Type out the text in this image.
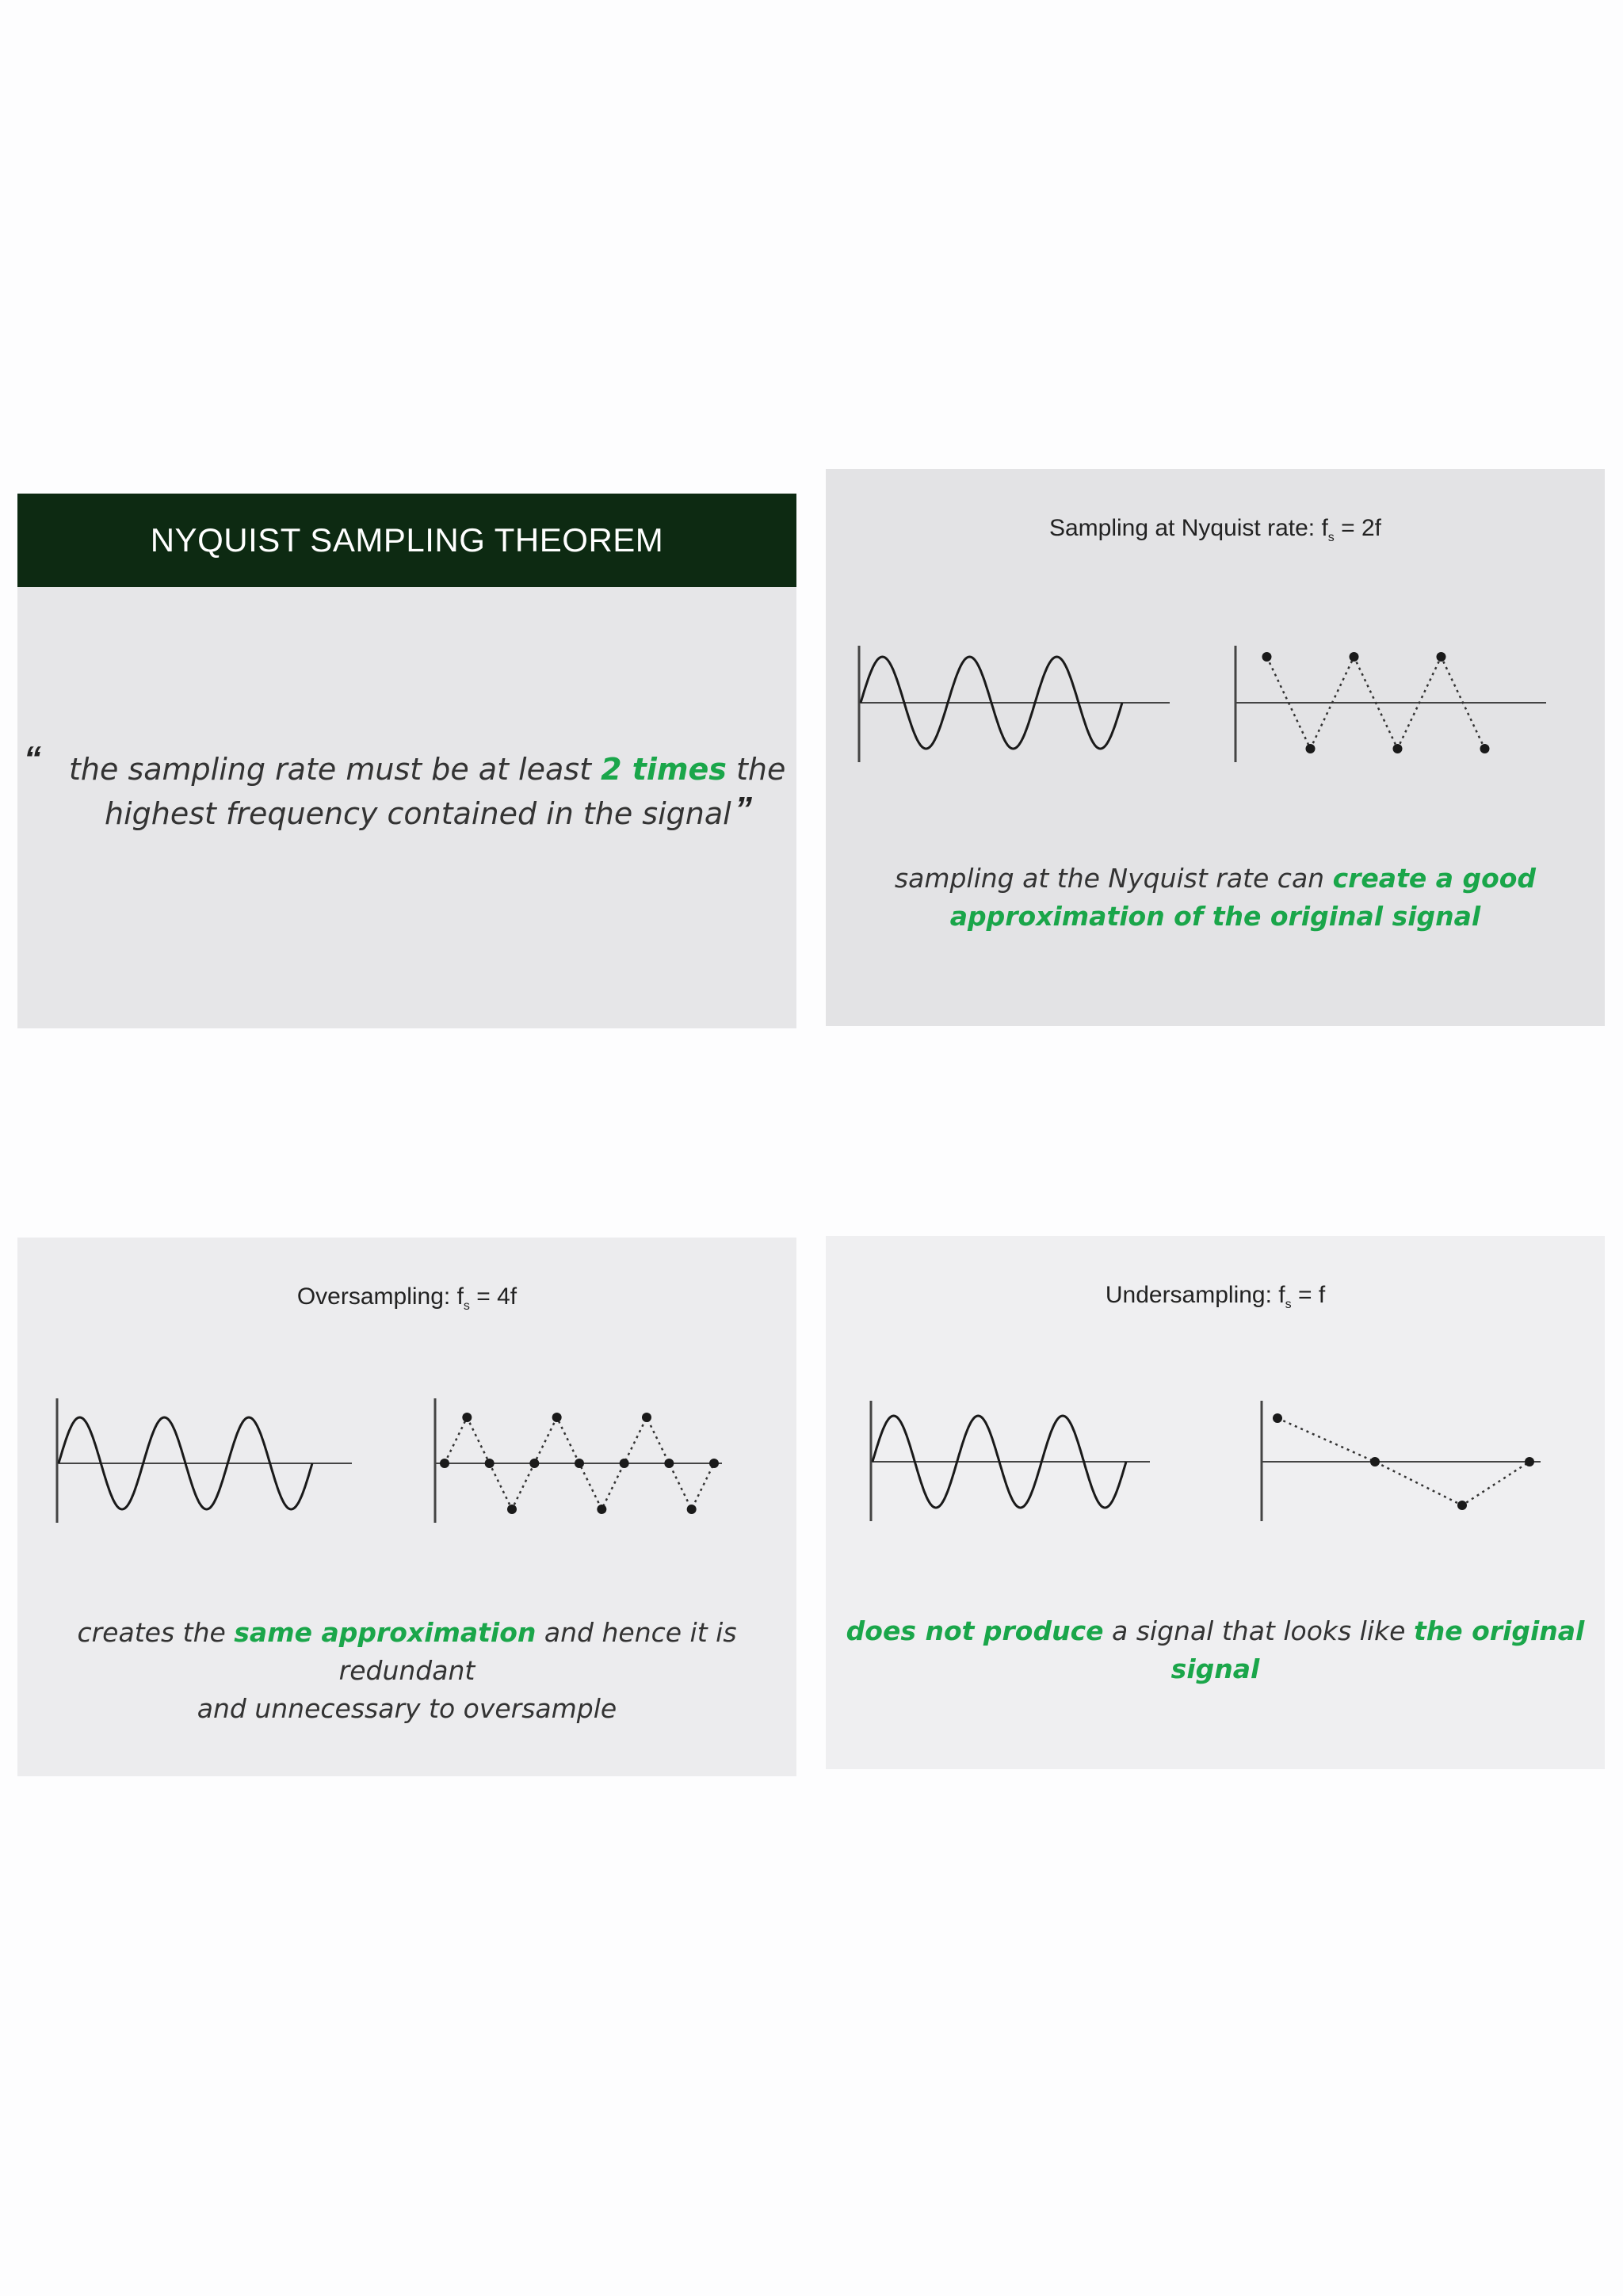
NYQUIST SAMPLING THEOREM
“ the sampling rate must be at least 2 times the
highest frequency contained in the signal ”
Sampling at Nyquist rate: $f_s = 2f$
sampling at the Nyquist rate can create a good
approximation of the original signal
Oversampling: $f_s = 4f$
creates the same approximation and hence it is redundant
and unnecessary to oversample
Undersampling: $f_s = f$
does not produce a signal that looks like the original
signal
